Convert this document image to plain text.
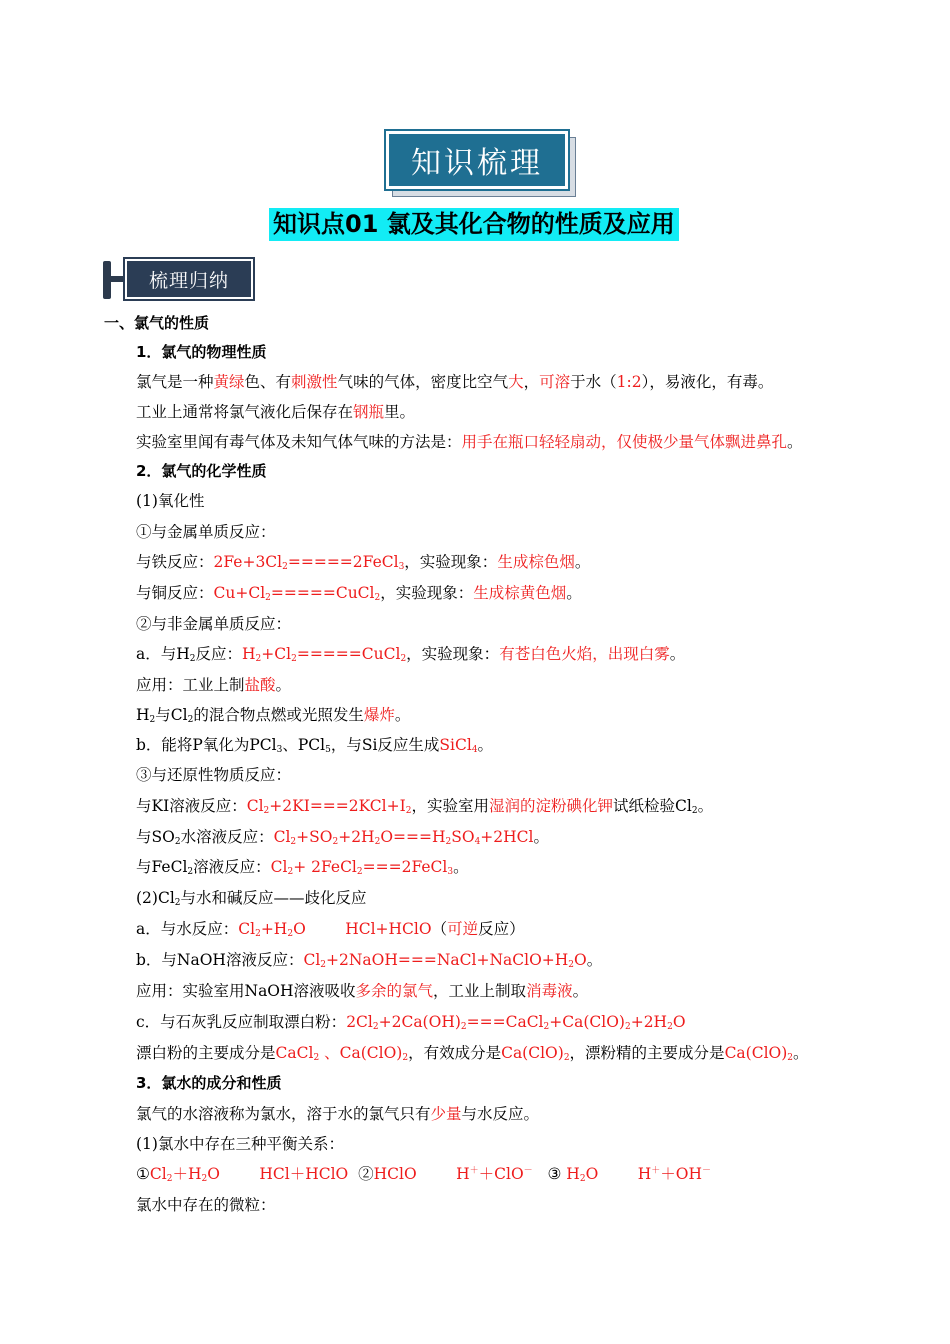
知识梳理
知识点01 氯及其化合物的性质及应用
梳理归纳
一、氯气的性质
1．氯气的物理性质
氯气是一种黄绿色、有刺激性气味的气体，密度比空气大，可溶于水（1:2），易液化，有毒。
工业上通常将氯气液化后保存在钢瓶里。
实验室里闻有毒气体及未知气体气味的方法是：用手在瓶口轻轻扇动，仅使极少量气体飘进鼻孔。
2．氯气的化学性质
(1)氧化性
①与金属单质反应：
与铁反应：$2Fe+3Cl_2=====2FeCl_3$，实验现象：生成棕色烟。
与铜反应：$Cu+Cl_2=====CuCl_2$，实验现象：生成棕黄色烟。
②与非金属单质反应：
a．与$H_2$反应：$H_2+Cl_2=====CuCl_2$，实验现象：有苍白色火焰，出现白雾。
应用：工业上制盐酸。
$H_2$与$Cl_2$的混合物点燃或光照发生爆炸。
b．能将P氧化为PCl$_3$、PCl$_5$，与Si反应生成SiCl$_4$。
③与还原性物质反应：
与KI溶液反应：$Cl_2+2KI===2KCl+I_2$，实验室用湿润的淀粉碘化钾试纸检验$Cl_2$。
与$SO_2$水溶液反应：$Cl_2+SO_2+2H_2O===H_2SO_4+2HCl$。
与FeCl$_2$溶液反应：$Cl_2+$ 2FeCl$_2$===2FeCl$_3$。
$(2)Cl_2$与水和碱反应——歧化反应
a．与水反应：$Cl_2+H_2O$	HCl+HClO（可逆反应）
b．与NaOH溶液反应：$Cl_2+2NaOH===NaCl+NaClO+H_2O$。
应用：实验室用NaOH溶液吸收多余的氯气，工业上制取消毒液。
c．与石灰乳反应制取漂白粉：$2Cl_2+2Ca(OH)_2===CaCl_2+Ca(ClO)_2+2H_2O$
漂白粉的主要成分是CaCl$_2$ 、$Ca(ClO)_2$，有效成分是$Ca(ClO)_2$，漂粉精的主要成分是$Ca(ClO)_2$。
3．氯水的成分和性质
氯气的水溶液称为氯水，溶于水的氯气只有少量与水反应。
(1)氯水中存在三种平衡关系：
$①Cl_2+H_2O$	HCl＋HClO  ②HClO	H＋＋ClO－   ③ $H_2O$	H＋＋OH－
氯水中存在的微粒：
